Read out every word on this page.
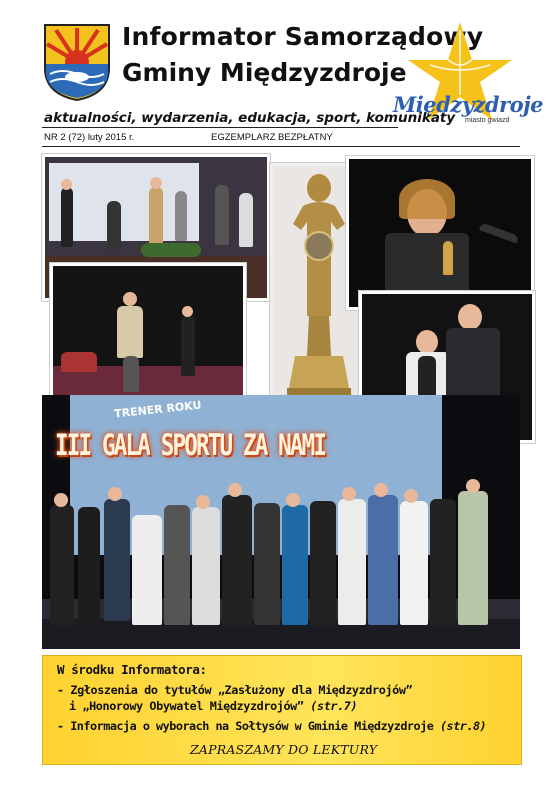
Informator Samorządowy
Gminy Międzyzdroje
Międzyzdroje
miasto gwiazd
aktualności, wydarzenia, edukacja, sport, komunikaty
NR 2 (72) luty 2015 r.	EGZEMPLARZ BEZPŁATNY
TRENER ROKU
III GALA SPORTU ZA NAMI
W środku Informatora:
- Zgłoszenia do tytułów „Zasłużony dla Międzyzdrojów”
i „Honorowy Obywatel Międzyzdrojów” (str.7)
- Informacja o wyborach na Sołtysów w Gminie Międzyzdroje (str.8)
ZAPRASZAMY DO LEKTURY
